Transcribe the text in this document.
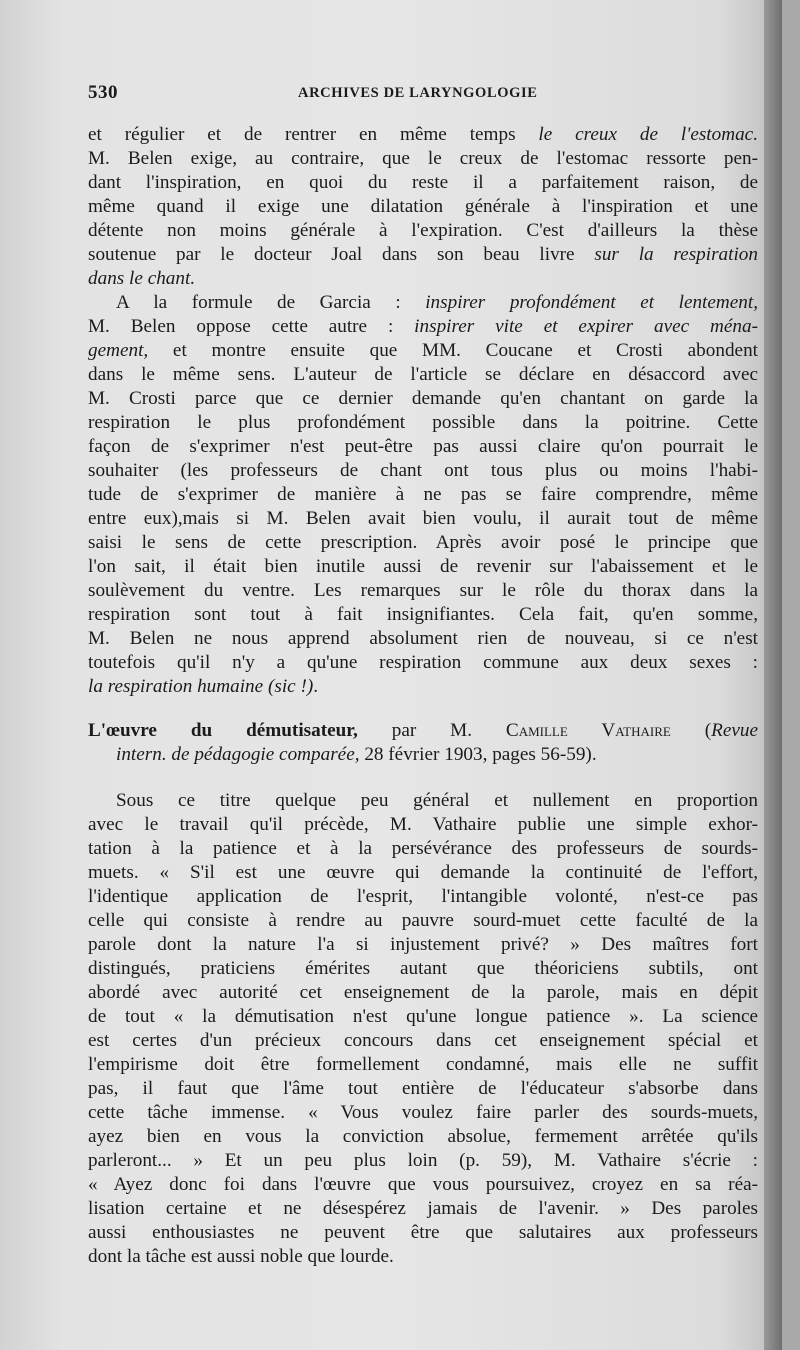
530	ARCHIVES DE LARYNGOLOGIE
et régulier et de rentrer en même temps le creux de l'estomac.
M. Belen exige, au contraire, que le creux de l'estomac ressorte pen-
dant l'inspiration, en quoi du reste il a parfaitement raison, de
même quand il exige une dilatation générale à l'inspiration et une
détente non moins générale à l'expiration. C'est d'ailleurs la thèse
soutenue par le docteur Joal dans son beau livre sur la respiration
dans le chant.
A la formule de Garcia : inspirer profondément et lentement,
M. Belen oppose cette autre : inspirer vite et expirer avec ména-
gement, et montre ensuite que MM. Coucane et Crosti abondent
dans le même sens. L'auteur de l'article se déclare en désaccord avec
M. Crosti parce que ce dernier demande qu'en chantant on garde la
respiration le plus profondément possible dans la poitrine. Cette
façon de s'exprimer n'est peut-être pas aussi claire qu'on pourrait le
souhaiter (les professeurs de chant ont tous plus ou moins l'habi-
tude de s'exprimer de manière à ne pas se faire comprendre, même
entre eux),mais si M. Belen avait bien voulu, il aurait tout de même
saisi le sens de cette prescription. Après avoir posé le principe que
l'on sait, il était bien inutile aussi de revenir sur l'abaissement et le
soulèvement du ventre. Les remarques sur le rôle du thorax dans la
respiration sont tout à fait insignifiantes. Cela fait, qu'en somme,
M. Belen ne nous apprend absolument rien de nouveau, si ce n'est
toutefois qu'il n'y a qu'une respiration commune aux deux sexes :
la respiration humaine (sic !).
L'œuvre du démutisateur, par M. Camille Vathaire (Revue
intern. de pédagogie comparée, 28 février 1903, pages 56-59).
Sous ce titre quelque peu général et nullement en proportion
avec le travail qu'il précède, M. Vathaire publie une simple exhor-
tation à la patience et à la persévérance des professeurs de sourds-
muets. « S'il est une œuvre qui demande la continuité de l'effort,
l'identique application de l'esprit, l'intangible volonté, n'est-ce pas
celle qui consiste à rendre au pauvre sourd-muet cette faculté de la
parole dont la nature l'a si injustement privé? » Des maîtres fort
distingués, praticiens émérites autant que théoriciens subtils, ont
abordé avec autorité cet enseignement de la parole, mais en dépit
de tout « la démutisation n'est qu'une longue patience ». La science
est certes d'un précieux concours dans cet enseignement spécial et
l'empirisme doit être formellement condamné, mais elle ne suffit
pas, il faut que l'âme tout entière de l'éducateur s'absorbe dans
cette tâche immense. « Vous voulez faire parler des sourds-muets,
ayez bien en vous la conviction absolue, fermement arrêtée qu'ils
parleront... » Et un peu plus loin (p. 59), M. Vathaire s'écrie :
« Ayez donc foi dans l'œuvre que vous poursuivez, croyez en sa réa-
lisation certaine et ne désespérez jamais de l'avenir. » Des paroles
aussi enthousiastes ne peuvent être que salutaires aux professeurs
dont la tâche est aussi noble que lourde.
